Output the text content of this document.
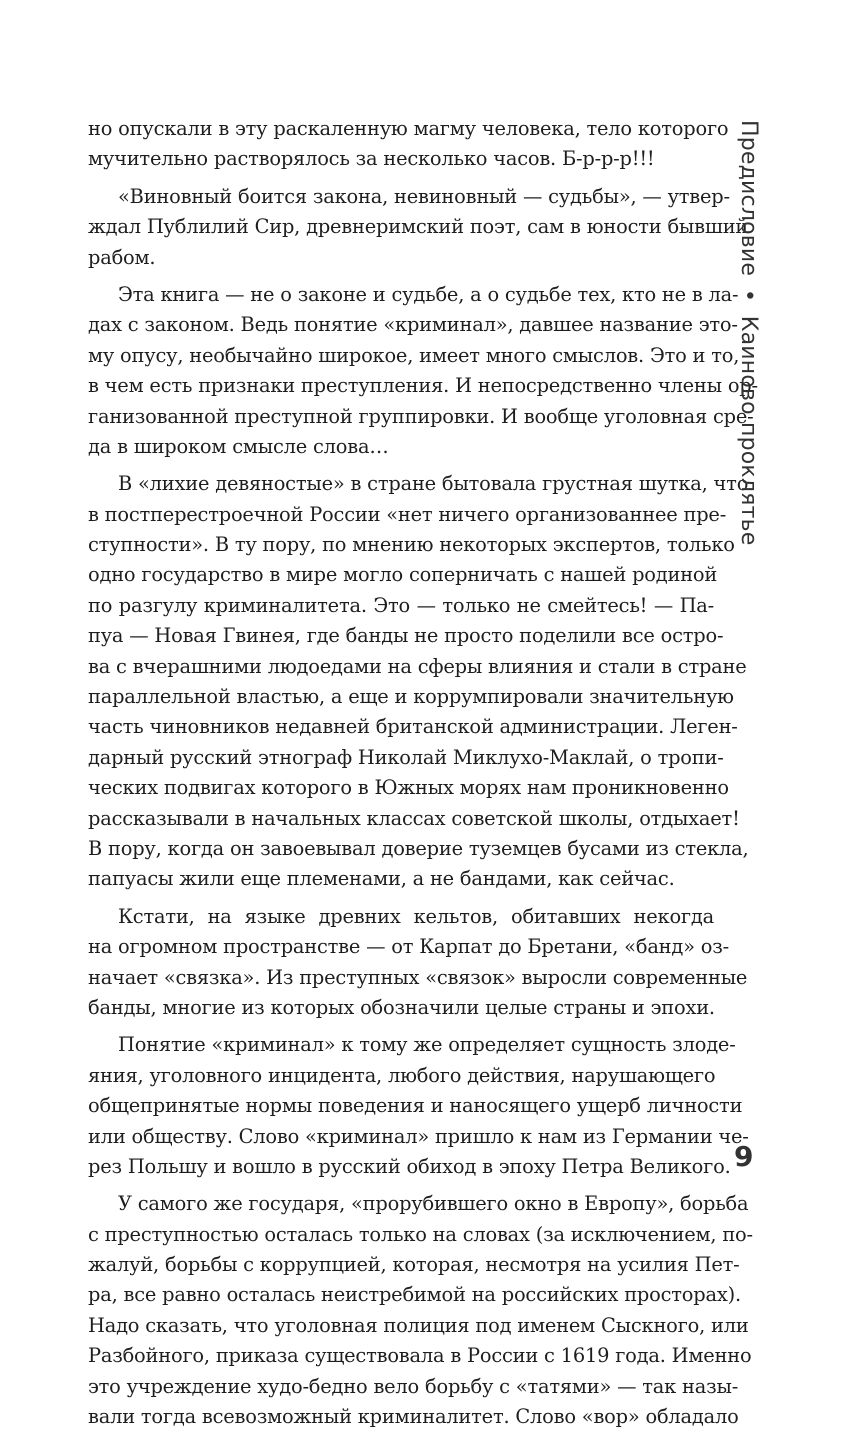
но опускали в эту раскаленную магму человека, тело которого
мучительно растворялось за несколько часов. Б-р-р-р!!!
«Виновный боится закона, невиновный — судьбы», — утвер-
ждал Публилий Сир, древнеримский поэт, сам в юности бывший
рабом.
Эта книга — не о законе и судьбе, а о судьбе тех, кто не в ла-
дах с законом. Ведь понятие «криминал», давшее название это-
му опусу, необычайно широкое, имеет много смыслов. Это и то,
в чем есть признаки преступления. И непосредственно члены ор-
ганизованной преступной группировки. И вообще уголовная сре-
да в широком смысле слова…
В «лихие девяностые» в стране бытовала грустная шутка, что
в постперестроечной России «нет ничего организованнее пре-
ступности». В ту пору, по мнению некоторых экспертов, только
одно государство в мире могло соперничать с нашей родиной
по разгулу криминалитета. Это — только не смейтесь! — Па-
пуа — Новая Гвинея, где банды не просто поделили все остро-
ва с вчерашними людоедами на сферы влияния и стали в стране
параллельной властью, а еще и коррумпировали значительную
часть чиновников недавней британской администрации. Леген-
дарный русский этнограф Николай Миклухо-Маклай, о тропи-
ческих подвигах которого в Южных морях нам проникновенно
рассказывали в начальных классах советской школы, отдыхает!
В пору, когда он завоевывал доверие туземцев бусами из стекла,
папуасы жили еще племенами, а не бандами, как сейчас.
Кстати, на языке древних кельтов, обитавших некогда
на огромном пространстве — от Карпат до Бретани, «банд» оз-
начает «связка». Из преступных «связок» выросли современные
банды, многие из которых обозначили целые страны и эпохи.
Понятие «криминал» к тому же определяет сущность злоде-
яния, уголовного инцидента, любого действия, нарушающего
общепринятые нормы поведения и наносящего ущерб личности
или обществу. Слово «криминал» пришло к нам из Германии че-
рез Польшу и вошло в русский обиход в эпоху Петра Великого.
У самого же государя, «прорубившего окно в Европу», борьба
с преступностью осталась только на словах (за исключением, по-
жалуй, борьбы с коррупцией, которая, несмотря на усилия Пет-
ра, все равно осталась неистребимой на российских просторах).
Надо сказать, что уголовная полиция под именем Сыскного, или
Разбойного, приказа существовала в России с 1619 года. Именно
это учреждение худо-бедно вело борьбу с «татями» — так назы-
вали тогда всевозможный криминалитет. Слово «вор» обладало
Предисловие • Каиново проклятье
9
